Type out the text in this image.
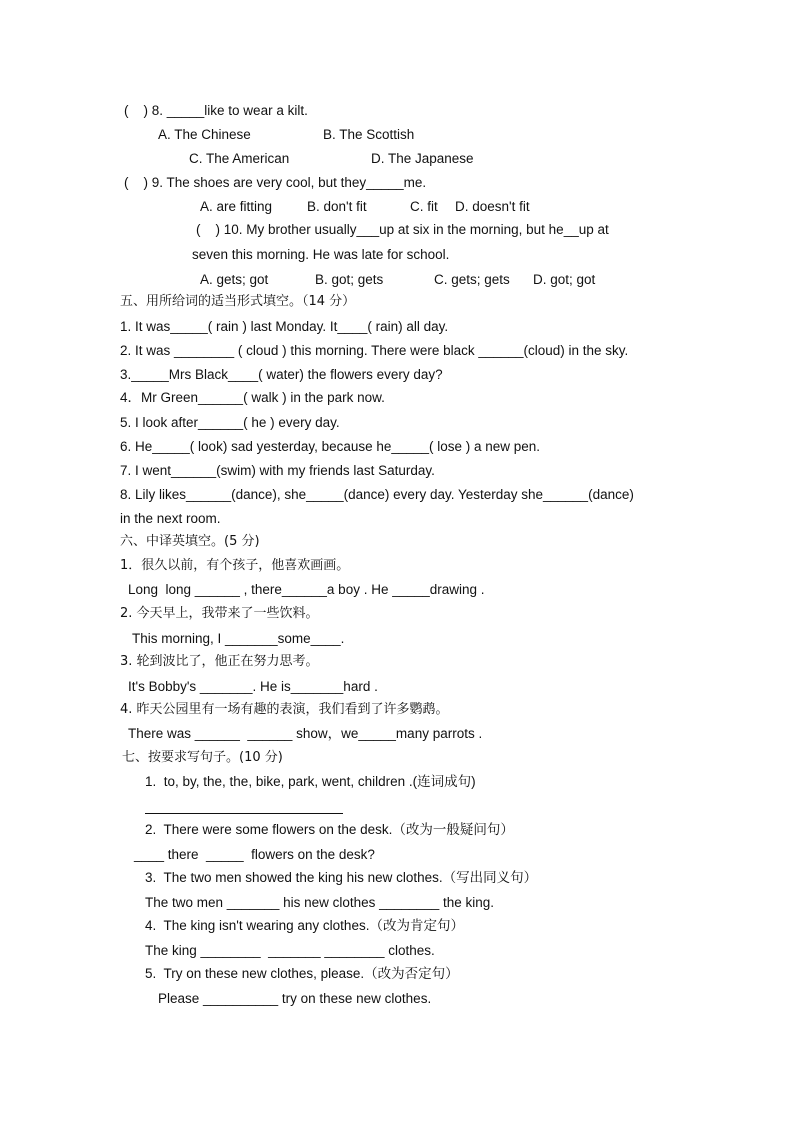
(    ) 8. _____like to wear a kilt.
A. The Chinese	B. The Scottish
C. The American	D. The Japanese
(    ) 9. The shoes are very cool, but they_____me.
A. are fitting	B. don't fit	C. fit D. doesn't fit
(    ) 10. My brother usually___up at six in the morning, but he__up at
seven this morning. He was late for school.
A. gets; got	B. got; gets	C. gets; gets D. got; got
五、用所给词的适当形式填空。（14 分）
1. It was_____( rain ) last Monday. It____( rain) all day.
2. It was ________ ( cloud ) this morning. There were black ______(cloud) in the sky.
3._____Mrs Black____( water) the flowers every day?
4．Mr Green______( walk ) in the park now.
5. I look after______( he ) every day.
6. He_____( look) sad yesterday, because he_____( lose ) a new pen.
7. I went______(swim) with my friends last Saturday.
8. Lily likes______(dance), she_____(dance) every day. Yesterday she______(dance)
in the next room.
六、中译英填空。(5 分)
1．很久以前，有个孩子，他喜欢画画。
Long  long ______ , there______a boy . He _____drawing .
2. 今天早上，我带来了一些饮料。
This morning, I _______some____.
3. 轮到波比了，他正在努力思考。
It's Bobby's _______. He is_______hard .
4. 昨天公园里有一场有趣的表演，我们看到了许多鹦鹉。
There was ______  ______ show，we_____many parrots .
七、按要求写句子。(10 分)
1.  to, by, the, the, bike, park, went, children .(连词成句)
2.  There were some flowers on the desk.（改为一般疑问句）
____ there  _____  flowers on the desk?
3.  The two men showed the king his new clothes.（写出同义句）
The two men _______ his new clothes ________ the king.
4.  The king isn't wearing any clothes.（改为肯定句）
The king ________  _______ ________ clothes.
5.  Try on these new clothes, please.（改为否定句）
Please __________ try on these new clothes.
